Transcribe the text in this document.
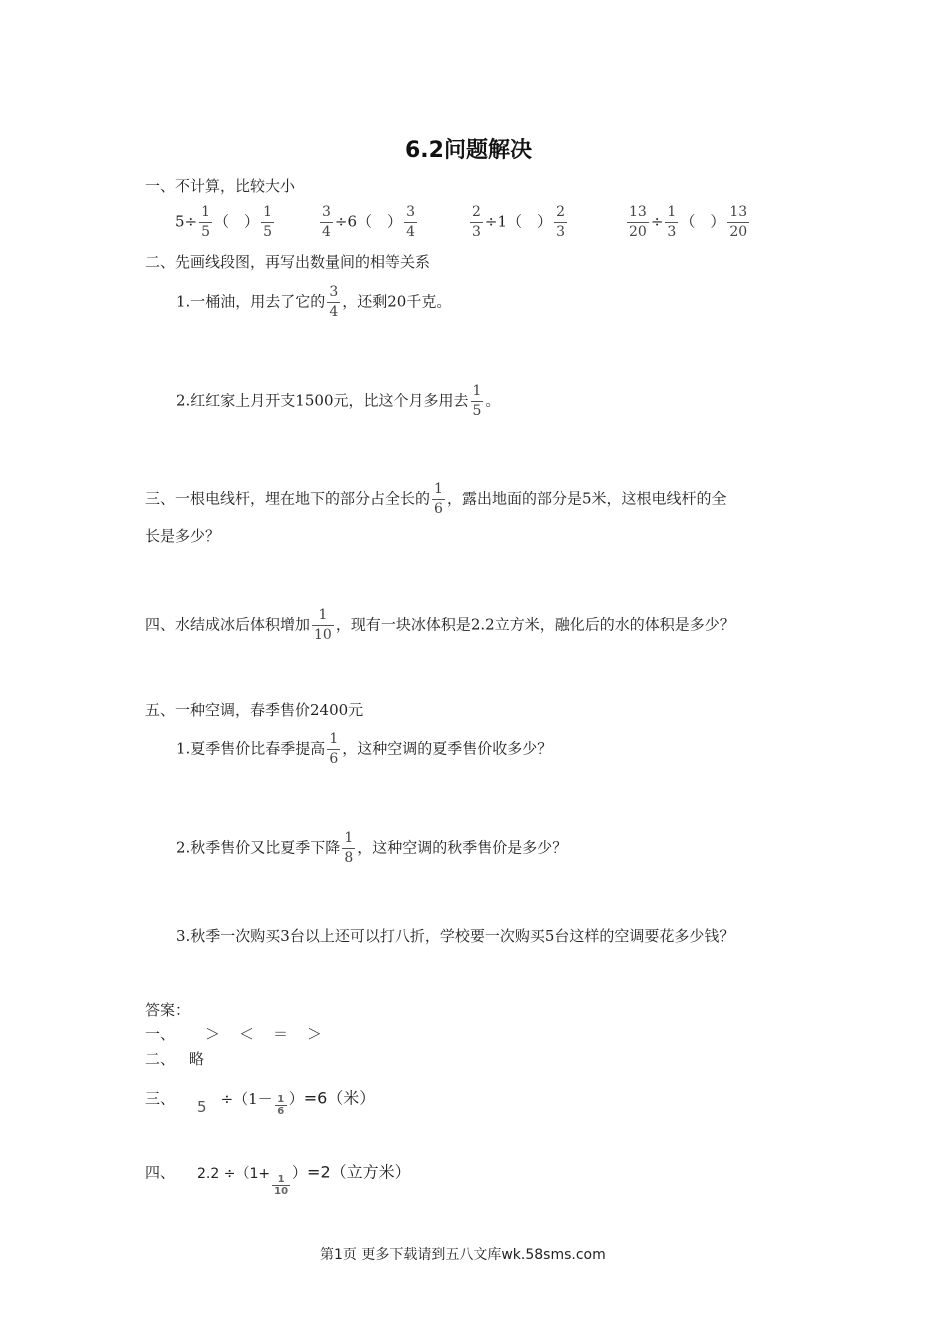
6.2问题解决
一、不计算，比较大小
$5\div \frac{1}{5}$ （　） $\frac{1}{5}$	$\frac{3}{4} \div 6$（　） $\frac{3}{4}$	$\frac{2}{3} \div 1$（　） $\frac{2}{3}$	$\frac{13}{20} \div \frac{1}{3}$ （　） $\frac{13}{20}$
二、先画线段图，再写出数量间的相等关系
1.一桶油，用去了它的 $\frac{3}{4}$ ，还剩20千克。
2.红红家上月开支1500元，比这个月多用去 $\frac{1}{5}$ 。
三、一根电线杆，埋在地下的部分占全长的 $\frac{1}{6}$ ，露出地面的部分是5米，这根电线杆的全
长是多少？
四、水结成冰后体积增加 $\frac{1}{10}$ ，现有一块冰体积是2.2立方米，融化后的水的体积是多少？
五、一种空调，春季售价2400元
1.夏季售价比春季提高 $\frac{1}{6}$ ，这种空调的夏季售价收多少？
2.秋季售价又比夏季下降 $\frac{1}{8}$ ，这种空调的秋季售价是多少？
3.秋季一次购买3台以上还可以打八折，学校要一次购买5台这样的空调要花多少钱？
答案：
一、 ＞　＜　＝　＞
二、 略
三、 $5 \div(1- \frac{1}{6} )=6$（米）
四、 2.2 ÷（1+
$\frac{1}{10}$
）=2（立方米）
第1页 更多下载请到五八文库wk.58sms.com
